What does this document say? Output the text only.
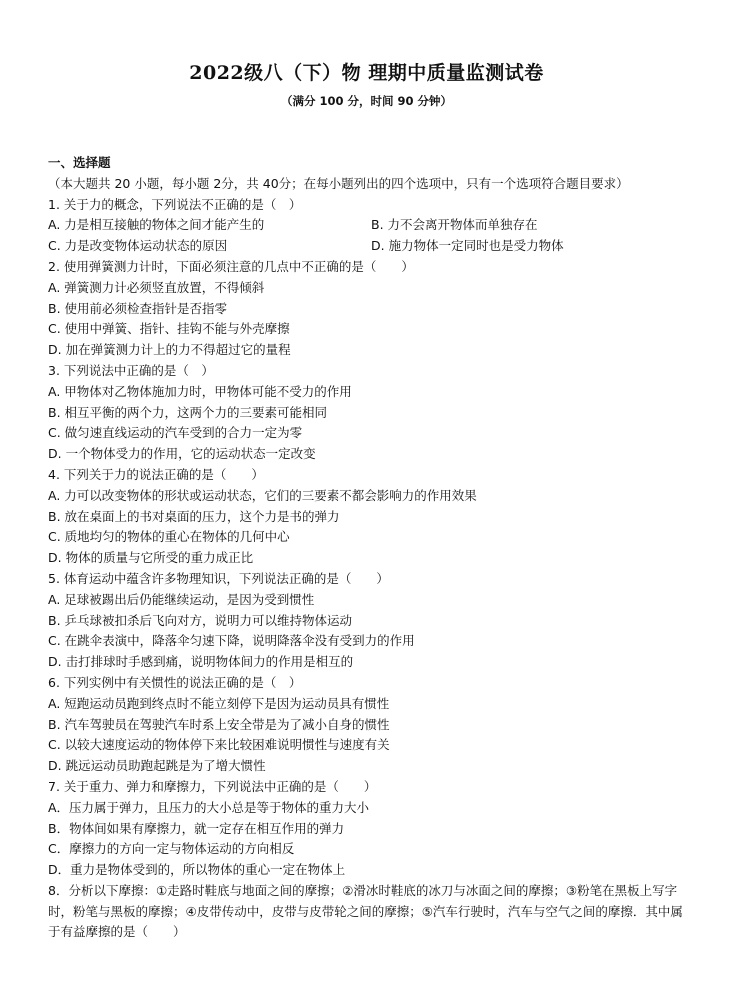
2022级八（下）物 理期中质量监测试卷
（满分 100 分，时间 90 分钟）
一、选择题（本大题共 20 小题，每小题 2分，共 40分；在每小题列出的四个选项中，只有一个选项符合题目要求）
1. 关于力的概念，下列说法不正确的是（　）
A. 力是相互接触的物体之间才能产生的	B. 力不会离开物体而单独存在
C. 力是改变物体运动状态的原因	D. 施力物体一定同时也是受力物体
2. 使用弹簧测力计时，下面必须注意的几点中不正确的是（　　）
A. 弹簧测力计必须竖直放置，不得倾斜
B. 使用前必须检查指针是否指零
C. 使用中弹簧、指针、挂钩不能与外壳摩擦
D. 加在弹簧测力计上的力不得超过它的量程
3. 下列说法中正确的是（　）
A. 甲物体对乙物体施加力时，甲物体可能不受力的作用
B. 相互平衡的两个力，这两个力的三要素可能相同
C. 做匀速直线运动的汽车受到的合力一定为零
D. 一个物体受力的作用，它的运动状态一定改变
4. 下列关于力的说法正确的是（　　）
A. 力可以改变物体的形状或运动状态，它们的三要素不都会影响力的作用效果
B. 放在桌面上的书对桌面的压力，这个力是书的弹力
C. 质地均匀的物体的重心在物体的几何中心
D. 物体的质量与它所受的重力成正比
5. 体育运动中蕴含许多物理知识，下列说法正确的是（　　）
A. 足球被踢出后仍能继续运动，是因为受到惯性
B. 乒乓球被扣杀后飞向对方，说明力可以维持物体运动
C. 在跳伞表演中，降落伞匀速下降，说明降落伞没有受到力的作用
D. 击打排球时手感到痛，说明物体间力的作用是相互的
6. 下列实例中有关惯性的说法正确的是（　）
A. 短跑运动员跑到终点时不能立刻停下是因为运动员具有惯性
B. 汽车驾驶员在驾驶汽车时系上安全带是为了减小自身的惯性
C. 以较大速度运动的物体停下来比较困难说明惯性与速度有关
D. 跳远运动员助跑起跳是为了增大惯性
7. 关于重力、弹力和摩擦力，下列说法中正确的是（　　）
A．压力属于弹力，且压力的大小总是等于物体的重力大小
B．物体间如果有摩擦力，就一定存在相互作用的弹力
C．摩擦力的方向一定与物体运动的方向相反
D．重力是物体受到的，所以物体的重心一定在物体上
8．分析以下摩擦：①走路时鞋底与地面之间的摩擦；②滑冰时鞋底的冰刀与冰面之间的摩擦；③粉笔在黑板上写字时，粉笔与黑板的摩擦；④皮带传动中，皮带与皮带轮之间的摩擦；⑤汽车行驶时，汽车与空气之间的摩擦．其中属于有益摩擦的是（　　）
